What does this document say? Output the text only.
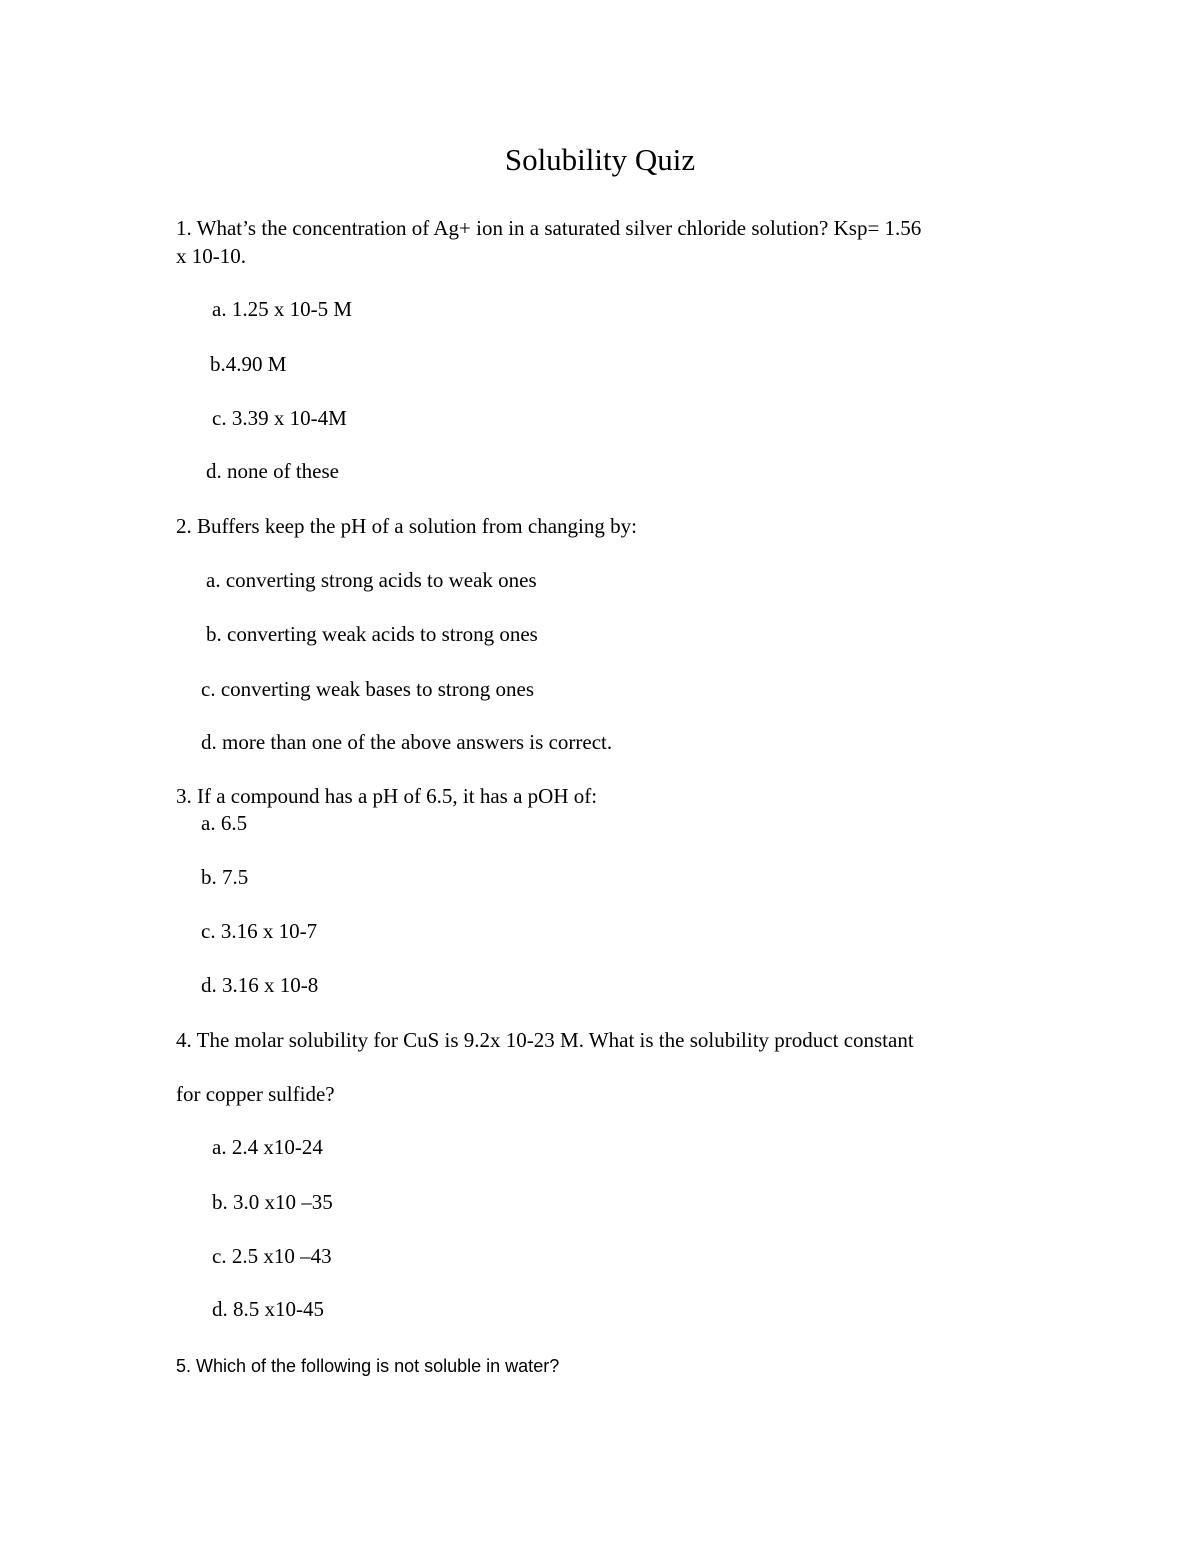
Solubility Quiz
1. What’s the concentration of Ag+ ion in a saturated silver chloride solution? Ksp= 1.56
x 10-10.
a. 1.25 x 10-5 M
b.4.90 M
c. 3.39 x 10-4M
d. none of these
2. Buffers keep the pH of a solution from changing by:
a. converting strong acids to weak ones
b. converting weak acids to strong ones
c. converting weak bases to strong ones
d. more than one of the above answers is correct.
3. If a compound has a pH of 6.5, it has a pOH of:
a. 6.5
b. 7.5
c. 3.16 x 10-7
d. 3.16 x 10-8
4. The molar solubility for CuS is 9.2x 10-23 M. What is the solubility product constant
for copper sulfide?
a. 2.4 x10-24
b. 3.0 x10 –35
c. 2.5 x10 –43
d. 8.5 x10-45
5. Which of the following is not soluble in water?
